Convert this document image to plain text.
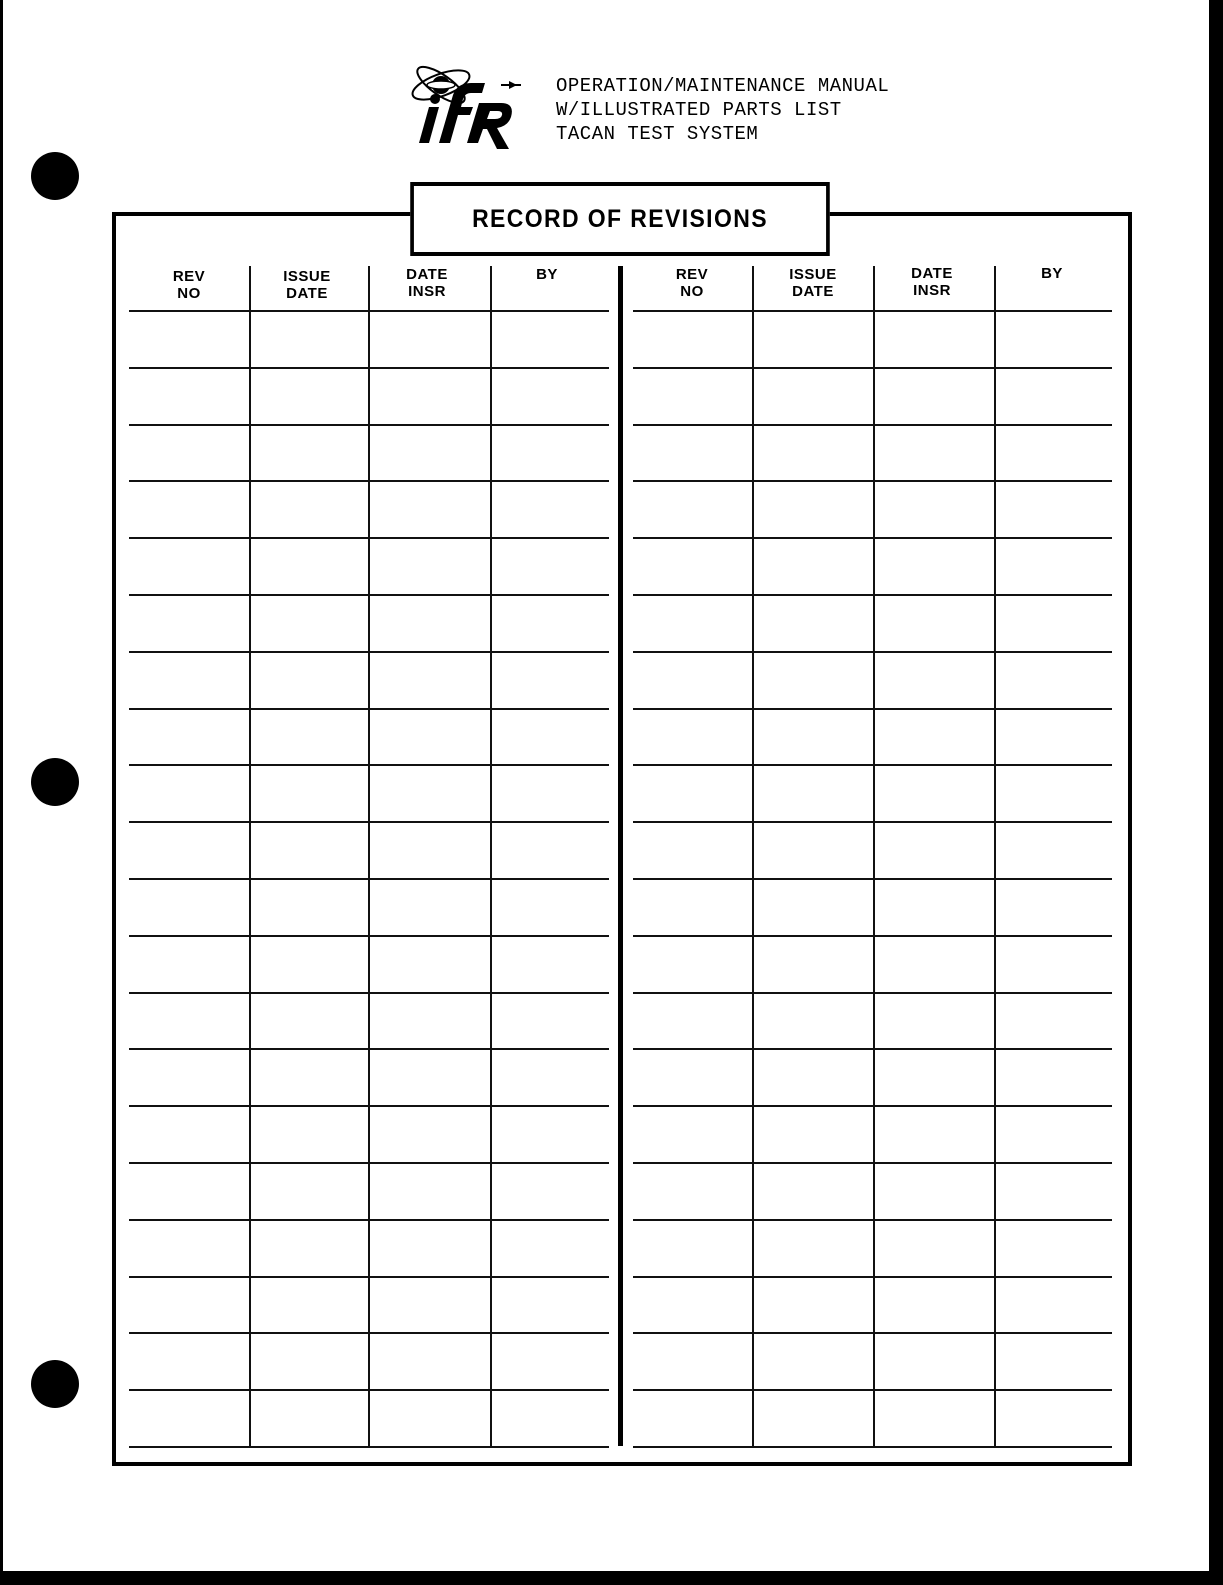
OPERATION/MAINTENANCE MANUAL
W/ILLUSTRATED PARTS LIST
TACAN TEST SYSTEM
RECORD OF REVISIONS
REV
NO
ISSUE
DATE
DATE
INSR
BY	REV
NO
ISSUE
DATE
DATE
INSR
BY
